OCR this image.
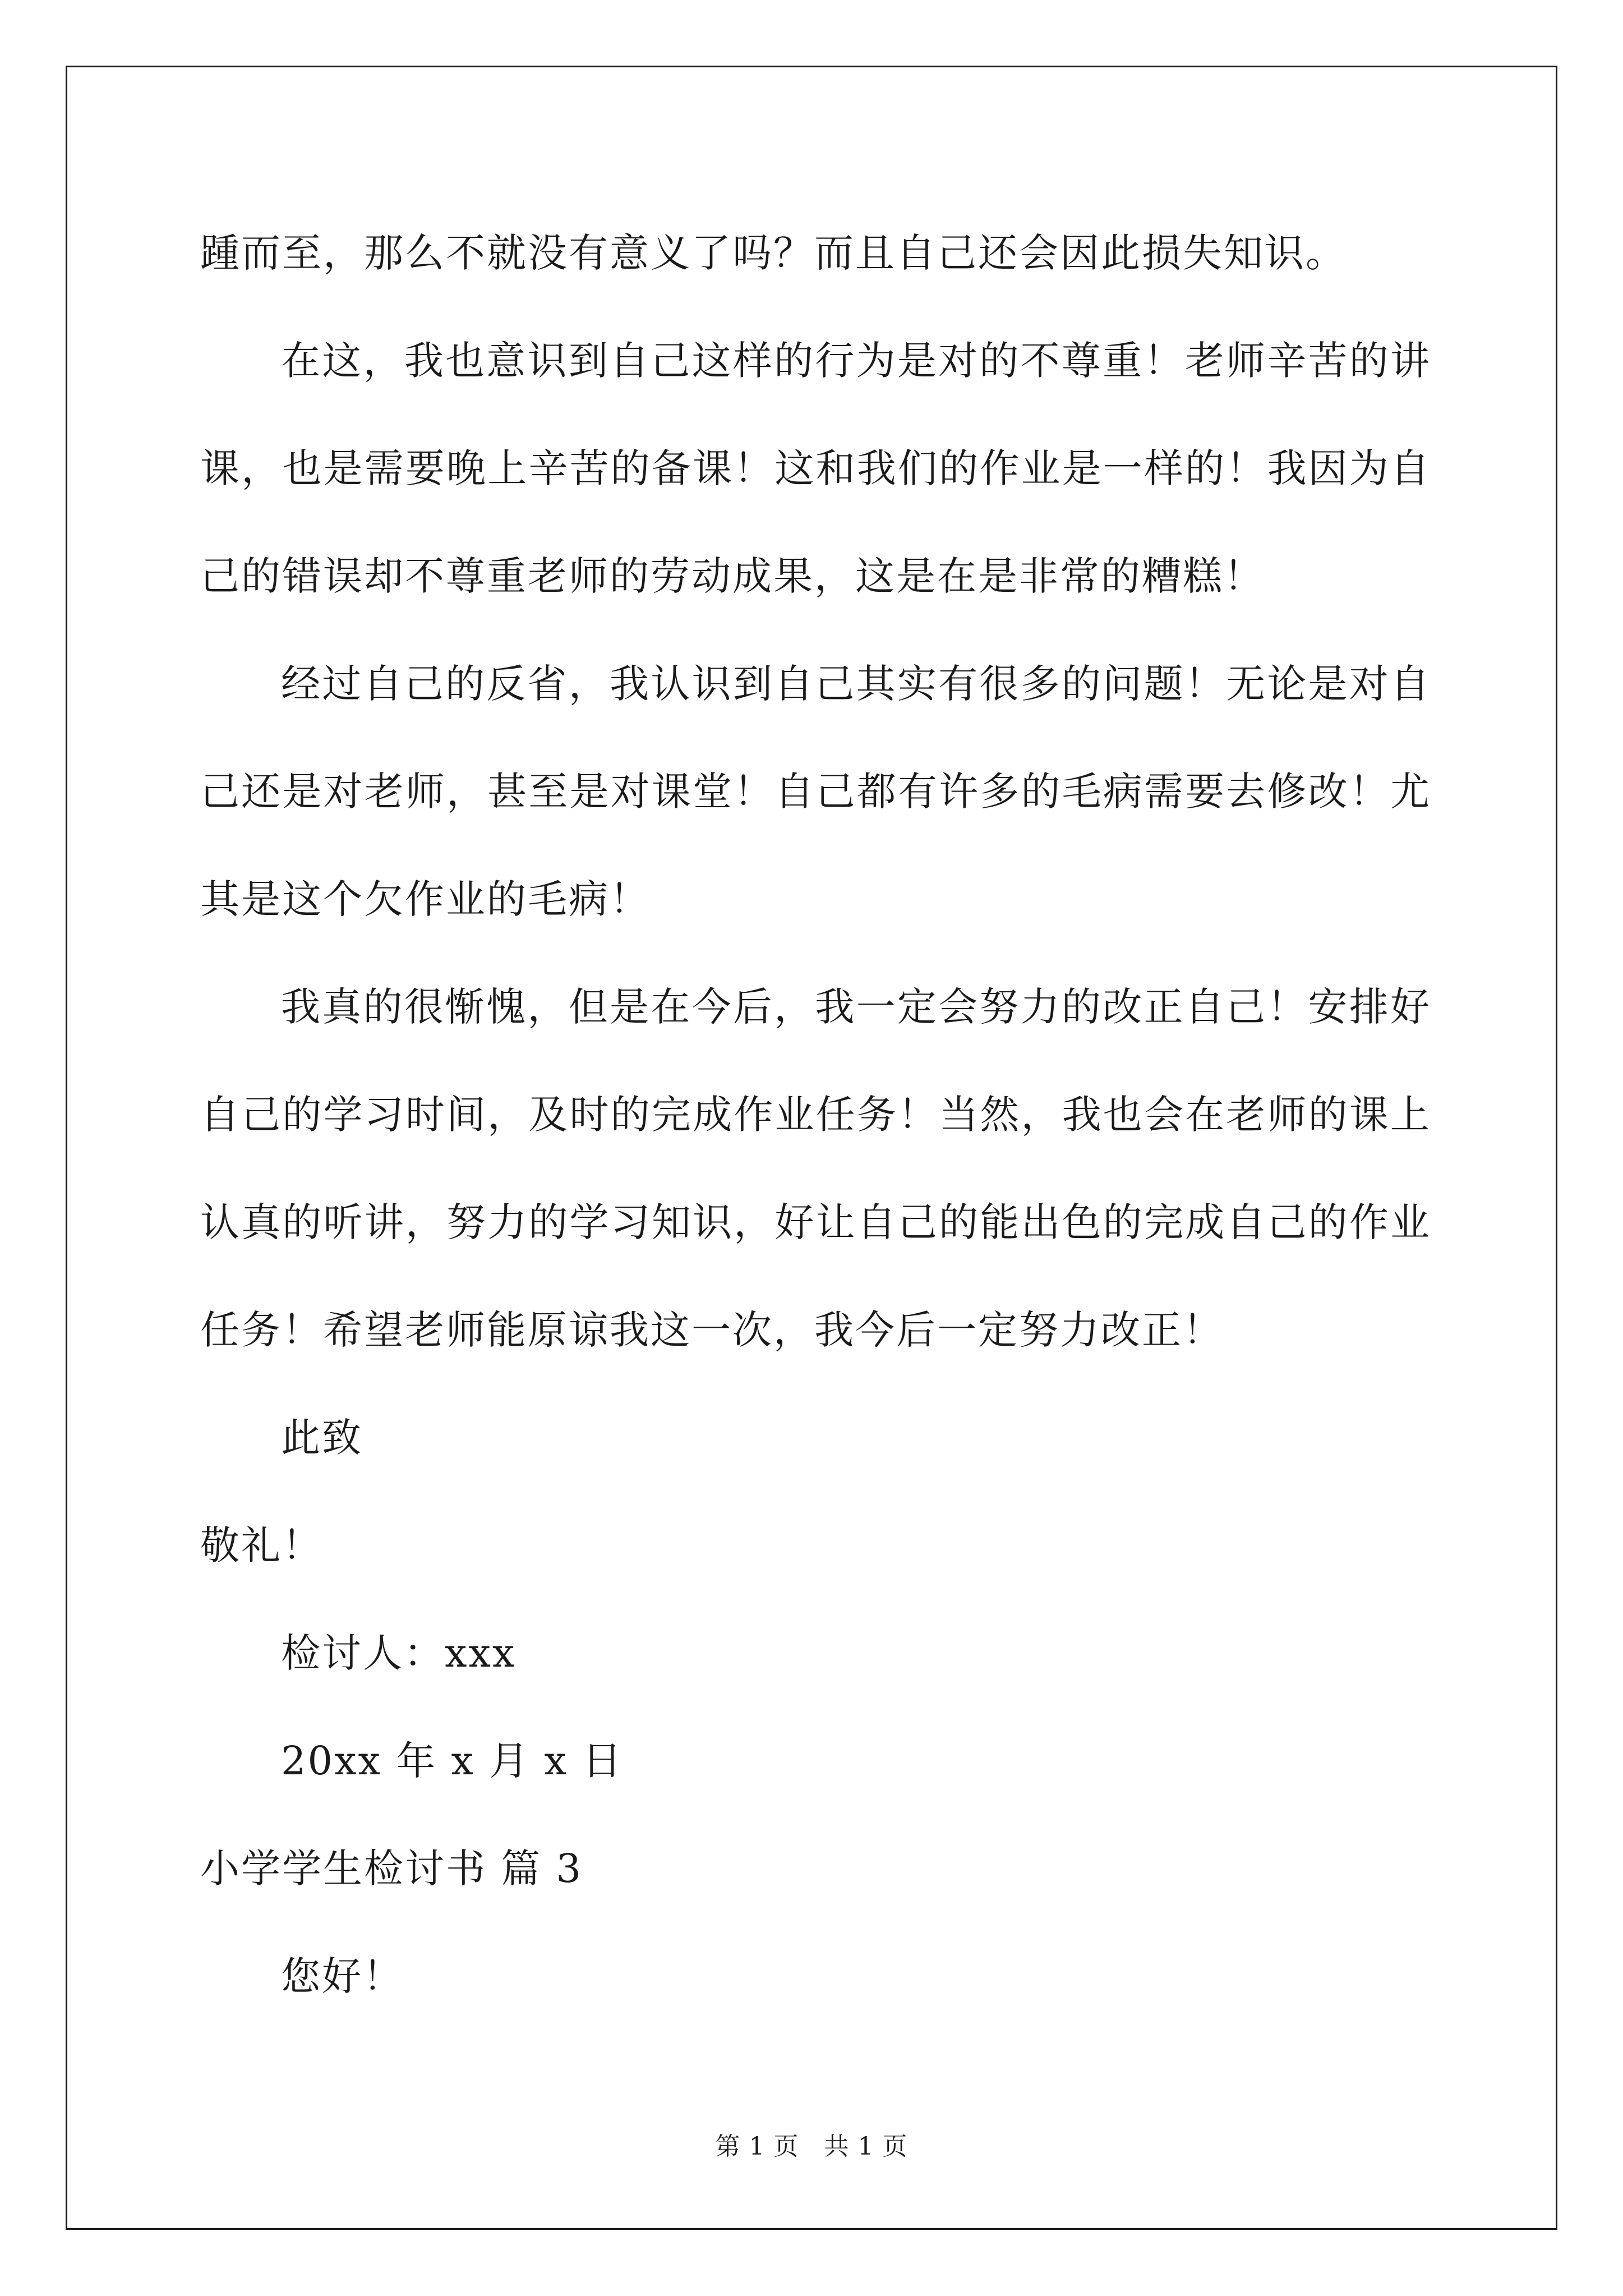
踵而至，那么不就没有意义了吗？而且自己还会因此损失知识。

在这，我也意识到自己这样的行为是对的不尊重！老师辛苦的讲课，也是需要晚上辛苦的备课！这和我们的作业是一样的！我因为自己的错误却不尊重老师的劳动成果，这是在是非常的糟糕！

经过自己的反省，我认识到自己其实有很多的问题！无论是对自己还是对老师，甚至是对课堂！自己都有许多的毛病需要去修改！尤其是这个欠作业的毛病！

我真的很惭愧，但是在今后，我一定会努力的改正自己！安排好自己的学习时间，及时的完成作业任务！当然，我也会在老师的课上认真的听讲，努力的学习知识，好让自己的能出色的完成自己的作业任务！希望老师能原谅我这一次，我今后一定努力改正！

此致

敬礼！

检讨人：xxx

20xx 年 x 月 x 日

小学学生检讨书 篇 3

您好！

第 1 页　共 1 页
